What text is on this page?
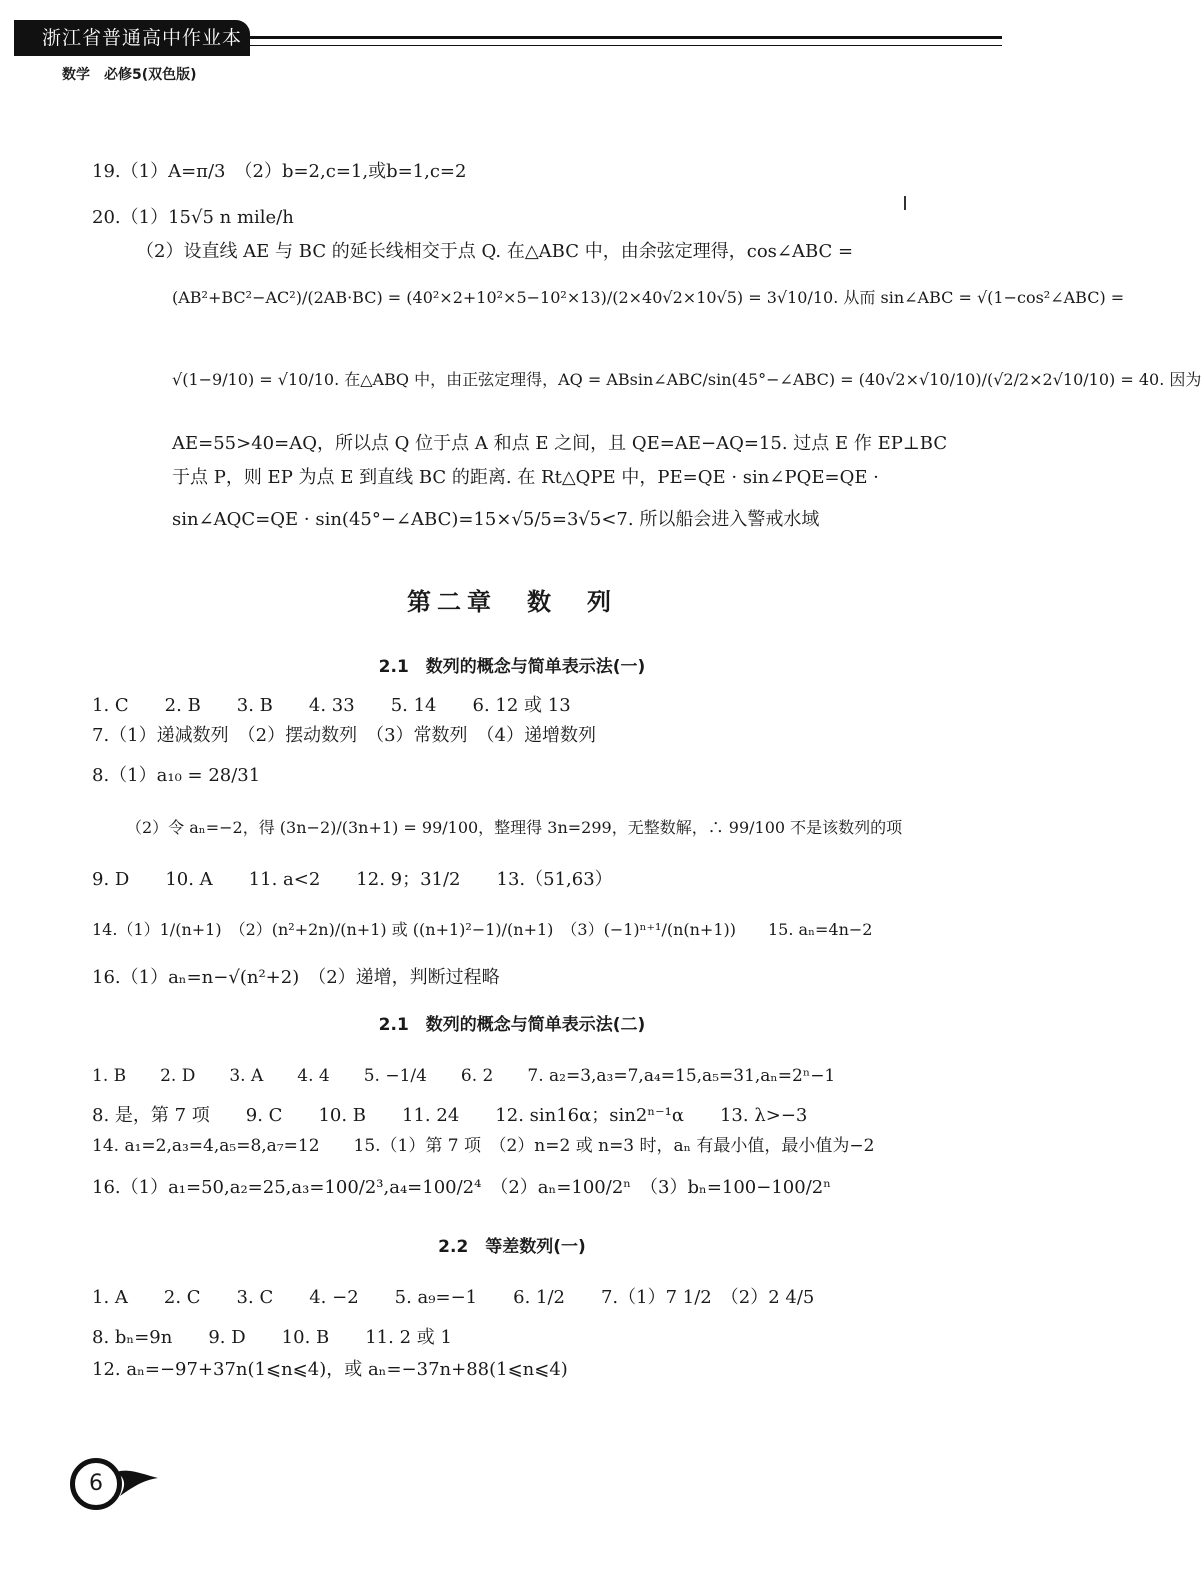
浙江省普通高中作业本
数学　必修5(双色版)
19.（1）A=π/3　（2）b=2,c=1,或b=1,c=2
20.（1）15√5 n mile/h
（2）设直线 AE 与 BC 的延长线相交于点 Q. 在△ABC 中，由余弦定理得，cos∠ABC =
(AB²+BC²−AC²)/(2AB·BC) = (40²×2+10²×5−10²×13)/(2×40√2×10√5) = 3√10/10. 从而 sin∠ABC = √(1−cos²∠ABC) =
√(1−9/10) = √10/10. 在△ABQ 中，由正弦定理得，AQ = ABsin∠ABC/sin(45°−∠ABC) = (40√2×√10/10)/(√2/2×2√10/10) = 40. 因为
AE=55>40=AQ，所以点 Q 位于点 A 和点 E 之间，且 QE=AE−AQ=15. 过点 E 作 EP⊥BC
于点 P，则 EP 为点 E 到直线 BC 的距离. 在 Rt△QPE 中，PE=QE · sin∠PQE=QE ·
sin∠AQC=QE · sin(45°−∠ABC)=15×√5/5=3√5<7. 所以船会进入警戒水域
第二章　数　列
2.1　数列的概念与简单表示法(一)
1. C　　2. B　　3. B　　4. 33　　5. 14　　6. 12 或 13
7.（1）递减数列　（2）摆动数列　（3）常数列　（4）递增数列
8.（1）a₁₀ = 28/31
（2）令 aₙ=−2，得 (3n−2)/(3n+1) = 99/100，整理得 3n=299，无整数解，∴ 99/100 不是该数列的项
9. D　　10. A　　11. a<2　　12. 9；31/2　　13.（51,63）
14.（1）1/(n+1)　（2）(n²+2n)/(n+1) 或 ((n+1)²−1)/(n+1)　（3）(−1)ⁿ⁺¹/(n(n+1))　　15. aₙ=4n−2
16.（1）aₙ=n−√(n²+2)　（2）递增，判断过程略
2.1　数列的概念与简单表示法(二)
1. B　　2. D　　3. A　　4. 4　　5. −1/4　　6. 2　　7. a₂=3,a₃=7,a₄=15,a₅=31,aₙ=2ⁿ−1
8. 是，第 7 项　　9. C　　10. B　　11. 24　　12. sin16α；sin2ⁿ⁻¹α　　13. λ>−3
14. a₁=2,a₃=4,a₅=8,a₇=12　　15.（1）第 7 项　（2）n=2 或 n=3 时，aₙ 有最小值，最小值为−2
16.（1）a₁=50,a₂=25,a₃=100/2³,a₄=100/2⁴　（2）aₙ=100/2ⁿ　（3）bₙ=100−100/2ⁿ
2.2　等差数列(一)
1. A　　2. C　　3. C　　4. −2　　5. a₉=−1　　6. 1/2　　7.（1）7 1/2　（2）2 4/5
8. bₙ=9n　　9. D　　10. B　　11. 2 或 1
12. aₙ=−97+37n(1⩽n⩽4)，或 aₙ=−37n+88(1⩽n⩽4)
6
